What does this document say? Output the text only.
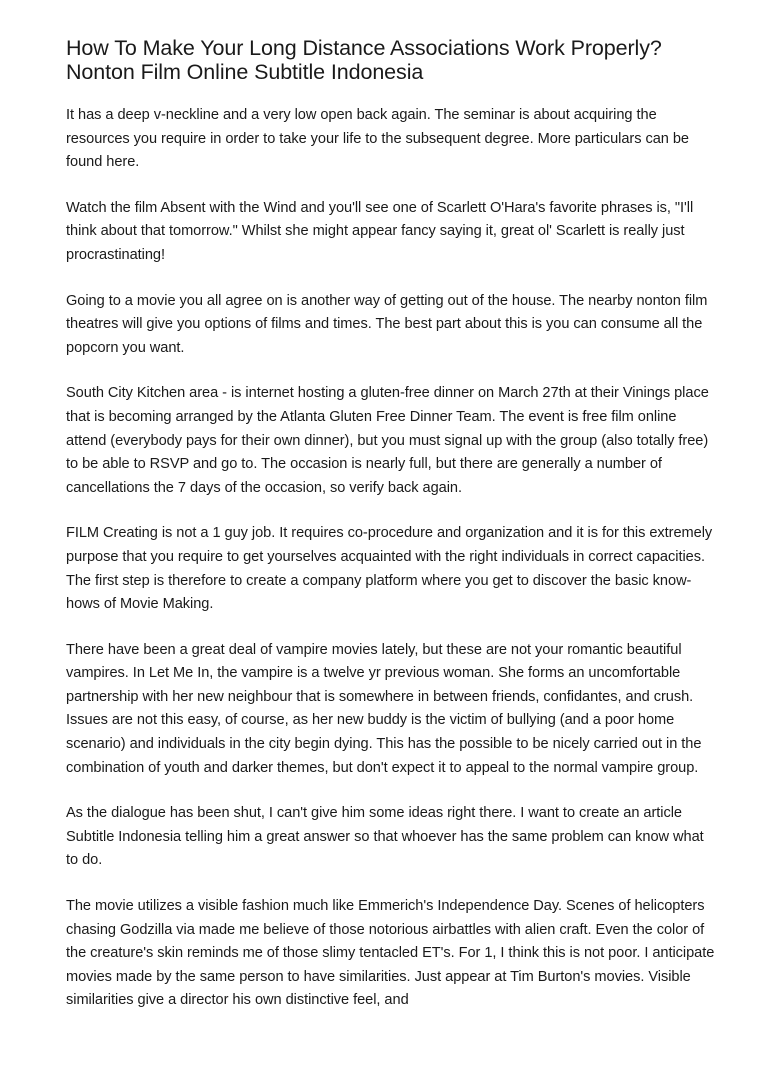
How To Make Your Long Distance Associations Work Properly? Nonton Film Online Subtitle Indonesia

It has a deep v-neckline and a very low open back again. The seminar is about acquiring the resources you require in order to take your life to the subsequent degree. More particulars can be found here.

Watch the film Absent with the Wind and you'll see one of Scarlett O'Hara's favorite phrases is, "I'll think about that tomorrow." Whilst she might appear fancy saying it, great ol' Scarlett is really just procrastinating!

Going to a movie you all agree on is another way of getting out of the house. The nearby nonton film theatres will give you options of films and times. The best part about this is you can consume all the popcorn you want.

South City Kitchen area - is internet hosting a gluten-free dinner on March 27th at their Vinings place that is becoming arranged by the Atlanta Gluten Free Dinner Team. The event is free film online attend (everybody pays for their own dinner), but you must signal up with the group (also totally free) to be able to RSVP and go to. The occasion is nearly full, but there are generally a number of cancellations the 7 days of the occasion, so verify back again.

FILM Creating is not a 1 guy job. It requires co-procedure and organization and it is for this extremely purpose that you require to get yourselves acquainted with the right individuals in correct capacities. The first step is therefore to create a company platform where you get to discover the basic know-hows of Movie Making.

There have been a great deal of vampire movies lately, but these are not your romantic beautiful vampires. In Let Me In, the vampire is a twelve yr previous woman. She forms an uncomfortable partnership with her new neighbour that is somewhere in between friends, confidantes, and crush. Issues are not this easy, of course, as her new buddy is the victim of bullying (and a poor home scenario) and individuals in the city begin dying. This has the possible to be nicely carried out in the combination of youth and darker themes, but don't expect it to appeal to the normal vampire group.

As the dialogue has been shut, I can't give him some ideas right there. I want to create an article Subtitle Indonesia telling him a great answer so that whoever has the same problem can know what to do.

The movie utilizes a visible fashion much like Emmerich's Independence Day. Scenes of helicopters chasing Godzilla via made me believe of those notorious airbattles with alien craft. Even the color of the creature's skin reminds me of those slimy tentacled ET's. For 1, I think this is not poor. I anticipate movies made by the same person to have similarities. Just appear at Tim Burton's movies. Visible similarities give a director his own distinctive feel, and
